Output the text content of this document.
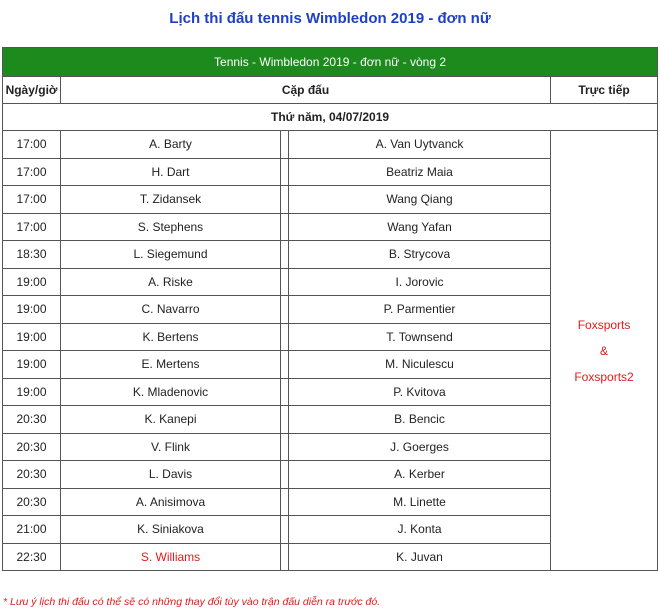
Lịch thi đấu tennis Wimbledon 2019 - đơn nữ
Tennis - Wimbledon 2019 - đơn nữ - vòng 2				
Ngày/giờ	Cặp đấu			Trực tiếp
Thứ năm, 04/07/2019				
17:00	A. Barty		A. Van Uytvanck	Foxsports
&
Foxsports2

17:00	H. Dart		Beatriz Maia	
17:00	T. Zidansek		Wang Qiang	
17:00	S. Stephens		Wang Yafan	
18:30	L. Siegemund		B. Strycova	
19:00	A. Riske		I. Jorovic	
19:00	C. Navarro		P. Parmentier	
19:00	K. Bertens		T. Townsend	
19:00	E. Mertens		M. Niculescu	
19:00	K. Mladenovic		P. Kvitova	
20:30	K. Kanepi		B. Bencic	
20:30	V. Flink		J. Goerges	
20:30	L. Davis		A. Kerber	
20:30	A. Anisimova		M. Linette	
21:00	K. Siniakova		J. Konta	
22:30	S. Williams		K. Juvan	
* Lưu ý lịch thi đấu có thể sẽ có những thay đổi tùy vào trận đấu diễn ra trước đó.
